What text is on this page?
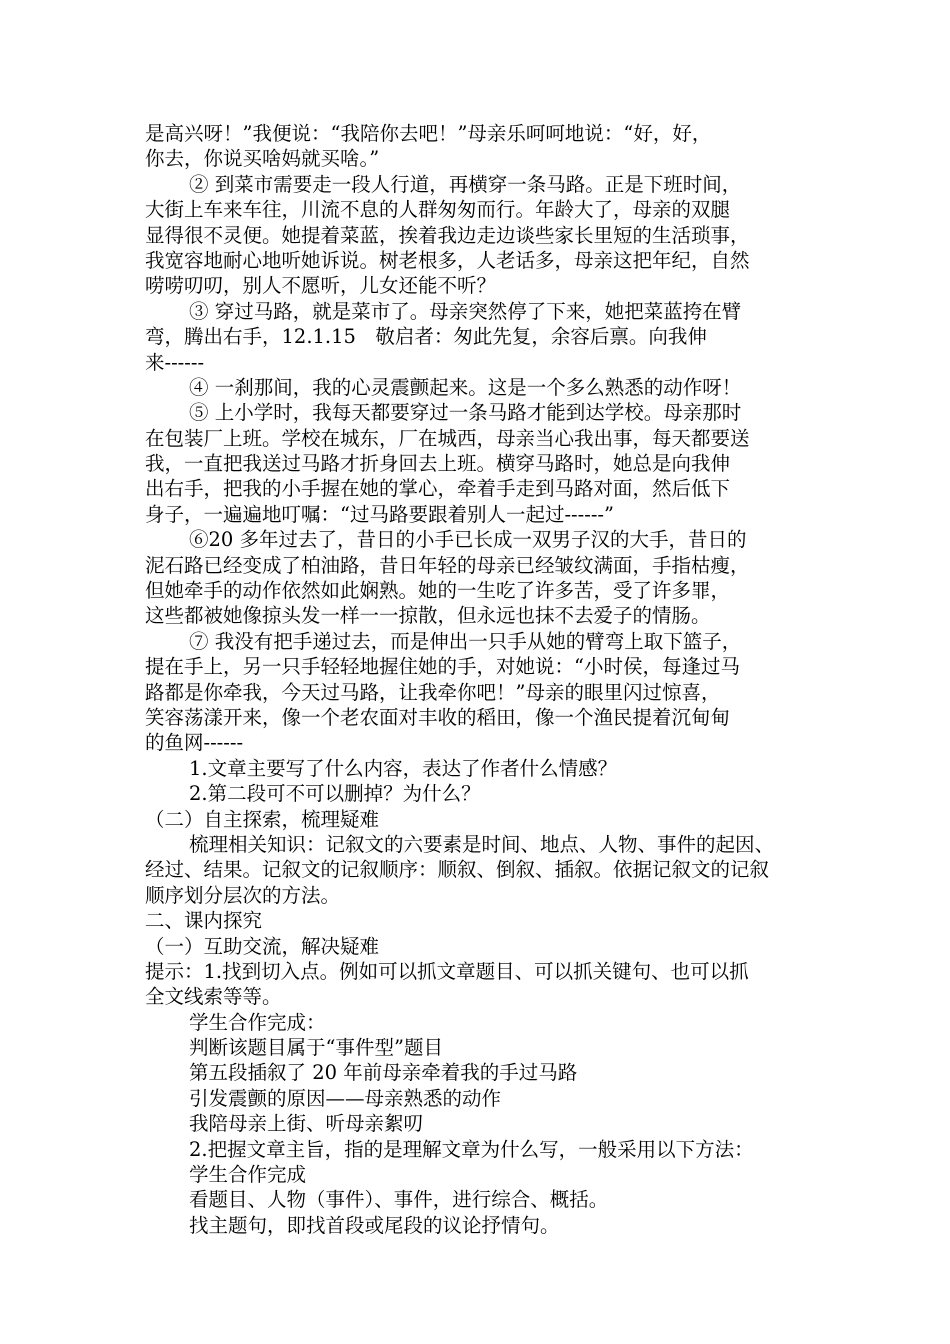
是高兴呀！”我便说：“我陪你去吧！”母亲乐呵呵地说：“好，好，
你去，你说买啥妈就买啥。”
② 到菜市需要走一段人行道，再横穿一条马路。正是下班时间，
大街上车来车往，川流不息的人群匆匆而行。年龄大了，母亲的双腿
显得很不灵便。她提着菜蓝，挨着我边走边谈些家长里短的生活琐事，
我宽容地耐心地听她诉说。树老根多，人老话多，母亲这把年纪，自然
唠唠叨叨，别人不愿听，儿女还能不听？
③ 穿过马路，就是菜市了。母亲突然停了下来，她把菜蓝挎在臂
弯，腾出右手，12.1.15　敬启者：匆此先复，余容后禀。向我伸
来------
④ 一刹那间，我的心灵震颤起来。这是一个多么熟悉的动作呀！
⑤ 上小学时，我每天都要穿过一条马路才能到达学校。母亲那时
在包装厂上班。学校在城东，厂在城西，母亲当心我出事，每天都要送
我，一直把我送过马路才折身回去上班。横穿马路时，她总是向我伸
出右手，把我的小手握在她的掌心，牵着手走到马路对面，然后低下
身子，一遍遍地叮嘱：“过马路要跟着别人一起过------”
⑥20 多年过去了，昔日的小手已长成一双男子汉的大手，昔日的
泥石路已经变成了柏油路，昔日年轻的母亲已经皱纹满面，手指枯瘦，
但她牵手的动作依然如此娴熟。她的一生吃了许多苦，受了许多罪，
这些都被她像掠头发一样一一掠散，但永远也抹不去爱子的情肠。
⑦ 我没有把手递过去，而是伸出一只手从她的臂弯上取下篮子，
提在手上，另一只手轻轻地握住她的手，对她说：“小时侯，每逢过马
路都是你牵我，今天过马路，让我牵你吧！”母亲的眼里闪过惊喜，
笑容荡漾开来，像一个老农面对丰收的稻田，像一个渔民提着沉甸甸
的鱼网------
1.文章主要写了什么内容，表达了作者什么情感？
2.第二段可不可以删掉？为什么？
（二）自主探索，梳理疑难
梳理相关知识：记叙文的六要素是时间、地点、人物、事件的起因、
经过、结果。记叙文的记叙顺序：顺叙、倒叙、插叙。依据记叙文的记叙
顺序划分层次的方法。
二、课内探究
（一）互助交流，解决疑难
提示：1.找到切入点。例如可以抓文章题目、可以抓关键句、也可以抓
全文线索等等。
学生合作完成：
判断该题目属于“事件型”题目
第五段插叙了 20 年前母亲牵着我的手过马路
引发震颤的原因——母亲熟悉的动作
我陪母亲上街、听母亲絮叨
2.把握文章主旨，指的是理解文章为什么写，一般采用以下方法：
学生合作完成
看题目、人物（事件）、事件，进行综合、概括。
找主题句，即找首段或尾段的议论抒情句。
